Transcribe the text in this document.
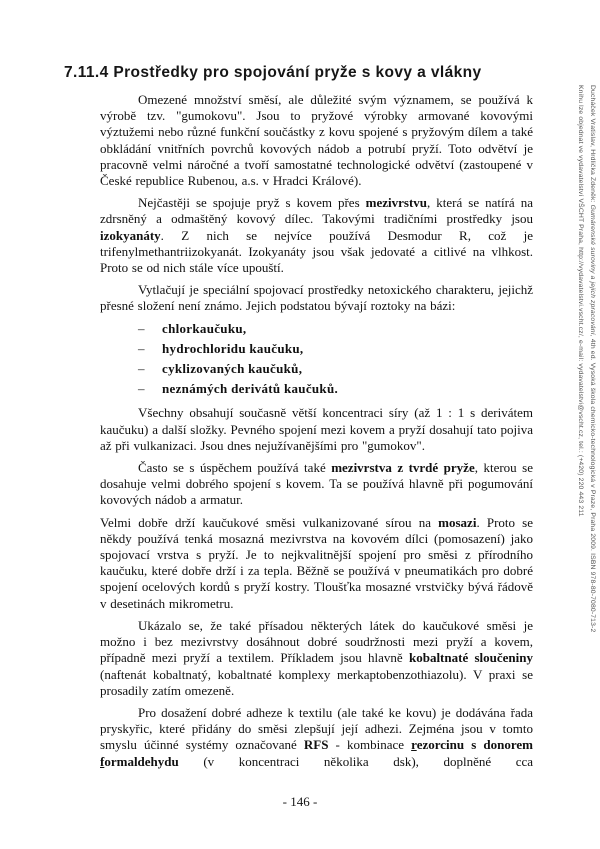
7.11.4 Prostředky pro spojování pryže s kovy a vlákny

Omezené množství směsí, ale důležité svým významem, se používá k výrobě tzv. "gumokovu". Jsou to pryžové výrobky armované kovovými výztužemi nebo různé funkční součástky z kovu spojené s pryžovým dílem a také obkládání vnitřních povrchů kovových nádob a potrubí pryží. Toto odvětví je pracovně velmi náročné a tvoří samostatné technologické odvětví (zastoupené v České republice Rubenou, a.s. v Hradci Králové).

Nejčastěji se spojuje pryž s kovem přes mezivrstvu, která se natírá na zdrsněný a odmaštěný kovový dílec. Takovými tradičními prostředky jsou izokyanáty. Z nich se nejvíce používá Desmodur R, což je trifenylmethantriizokyanát. Izokyanáty jsou však jedovaté a citlivé na vlhkost. Proto se od nich stále více upouští.

Vytlačují je speciální spojovací prostředky netoxického charakteru, jejichž přesné složení není známo. Jejich podstatou bývají roztoky na bázi:

–	chlorkaučuku,
–	hydrochloridu kaučuku,
–	cyklizovaných kaučuků,
–	neznámých derivátů kaučuků.

Všechny obsahují současně větší koncentraci síry (až 1 : 1 s derivátem kaučuku) a další složky. Pevného spojení mezi kovem a pryží dosahují tato pojiva až při vulkanizaci. Jsou dnes nejužívanějšími pro "gumokov".

Často se s úspěchem používá také mezivrstva z tvrdé pryže, kterou se dosahuje velmi dobrého spojení s kovem. Ta se používá hlavně při pogumování kovových nádob a armatur.

Velmi dobře drží kaučukové směsi vulkanizované sírou na mosazi. Proto se někdy používá tenká mosazná mezivrstva na kovovém dílci (pomosazení) jako spojovací vrstva s pryží. Je to nejkvalitnější spojení pro směsi z přírodního kaučuku, které dobře drží i za tepla. Běžně se používá v pneumatikách pro dobré spojení ocelových kordů s pryží kostry. Tloušťka mosazné vrstvičky bývá řádově v desetinách mikrometru.

Ukázalo se, že také přísadou některých látek do kaučukové směsi je možno i bez mezivrstvy dosáhnout dobré soudržnosti mezi pryží a kovem, případně mezi pryží a textilem. Příkladem jsou hlavně kobaltnaté sloučeniny (naftenát kobaltnatý, kobaltnaté komplexy merkaptobenzothiazolu). V praxi se prosadily zatím omezeně.

Pro dosažení dobré adheze k textilu (ale také ke kovu) je dodávána řada pryskyřic, které přidány do směsi zlepšují její adhezi. Zejména jsou v tomto smyslu účinné systémy označované RFS - kombinace rezorcinu s donorem formaldehydu (v koncentraci několika dsk), doplněné cca

Ducháček Vratislav, Hrdlička Zdeněk: Gumárenské suroviny a jejich zpracování, 4th ed. Vysoká škola chemicko-technologická v Praze, Praha 2009. ISBN 978-80-7080-713-2
Knihu lze objednat ve vydavatelství VŠCHT Praha, http://vydavatelstvi.vscht.cz/, e-mail: vydavatelstvi@vscht.cz, tel.: (+420) 220 443 211
- 146 -
